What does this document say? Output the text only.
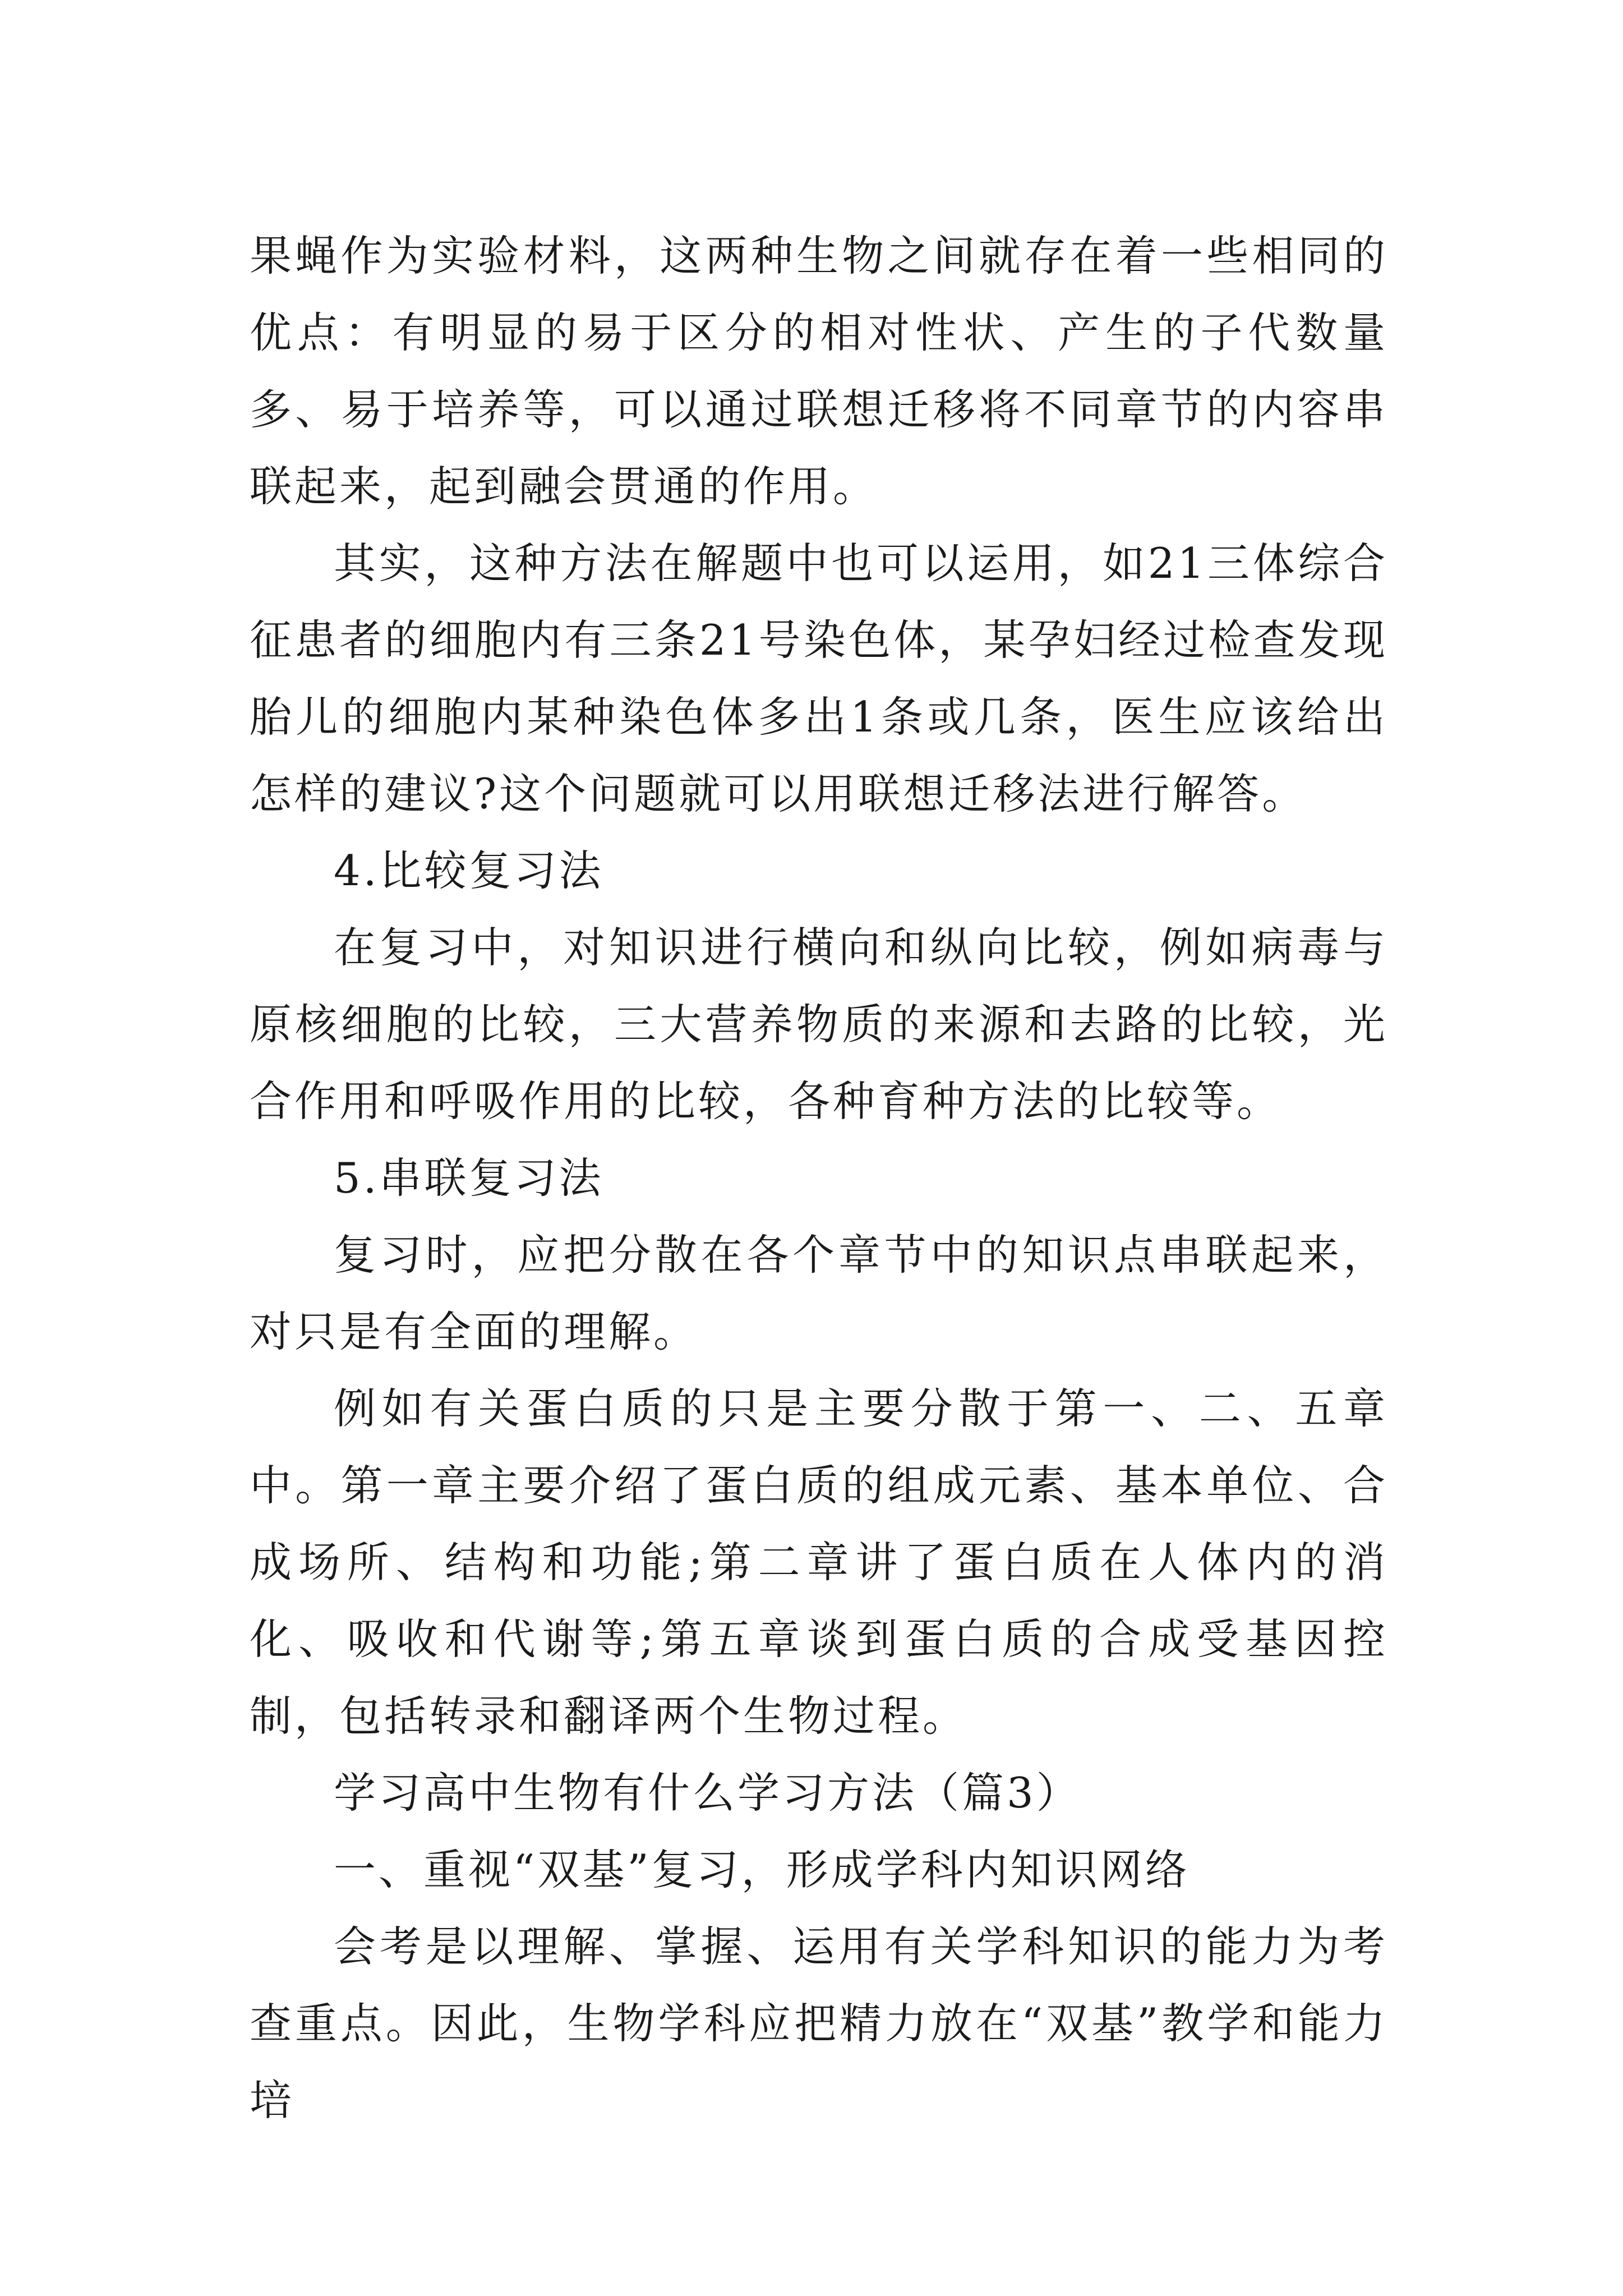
果蝇作为实验材料，这两种生物之间就存在着一些相同的优点：有明显的易于区分的相对性状、产生的子代数量多、易于培养等，可以通过联想迁移将不同章节的内容串联起来，起到融会贯通的作用。

其实，这种方法在解题中也可以运用，如21三体综合征患者的细胞内有三条21号染色体，某孕妇经过检查发现胎儿的细胞内某种染色体多出1条或几条，医生应该给出怎样的建议?这个问题就可以用联想迁移法进行解答。

4.比较复习法

在复习中，对知识进行横向和纵向比较，例如病毒与原核细胞的比较，三大营养物质的来源和去路的比较，光合作用和呼吸作用的比较，各种育种方法的比较等。

5.串联复习法

复习时，应把分散在各个章节中的知识点串联起来，对只是有全面的理解。

例如有关蛋白质的只是主要分散于第一、二、五章中。第一章主要介绍了蛋白质的组成元素、基本单位、合成场所、结构和功能;第二章讲了蛋白质在人体内的消化、吸收和代谢等;第五章谈到蛋白质的合成受基因控制，包括转录和翻译两个生物过程。

学习高中生物有什么学习方法（篇3）

一、重视“双基”复习，形成学科内知识网络

会考是以理解、掌握、运用有关学科知识的能力为考查重点。因此，生物学科应把精力放在“双基”教学和能力培
